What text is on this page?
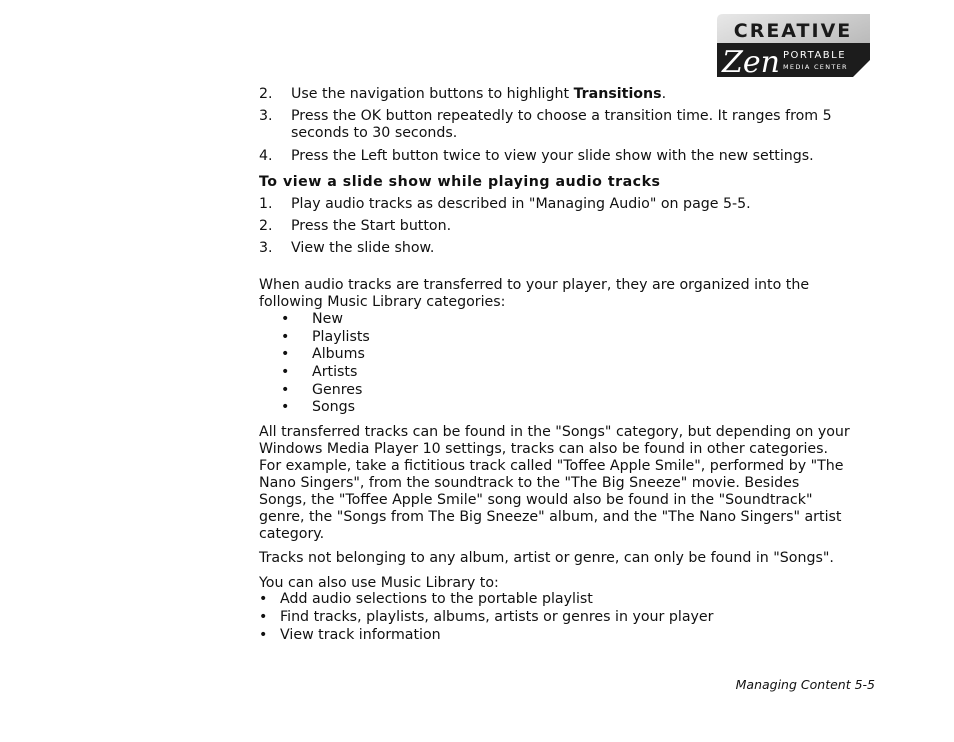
CREATIVE
Zen PORTABLE
MEDIA CENTER
2.	Use the navigation buttons to highlight Transitions.
3.	Press the OK button repeatedly to choose a transition time. It ranges from 5
seconds to 30 seconds.
4.	Press the Left button twice to view your slide show with the new settings.
To view a slide show while playing audio tracks
1.	Play audio tracks as described in "Managing Audio" on page 5-5.
2.	Press the Start button.
3.	View the slide show.
When audio tracks are transferred to your player, they are organized into the
following Music Library categories:
• New
• Playlists
• Albums
• Artists
• Genres
• Songs
All transferred tracks can be found in the "Songs" category, but depending on your
Windows Media Player 10 settings, tracks can also be found in other categories.
For example, take a fictitious track called "Toffee Apple Smile", performed by "The
Nano Singers", from the soundtrack to the "The Big Sneeze" movie. Besides
Songs, the "Toffee Apple Smile" song would also be found in the "Soundtrack"
genre, the "Songs from The Big Sneeze" album, and the "The Nano Singers" artist
category.
Tracks not belonging to any album, artist or genre, can only be found in "Songs".
You can also use Music Library to:
• Add audio selections to the portable playlist
• Find tracks, playlists, albums, artists or genres in your player
• View track information
Managing Content 5-5
